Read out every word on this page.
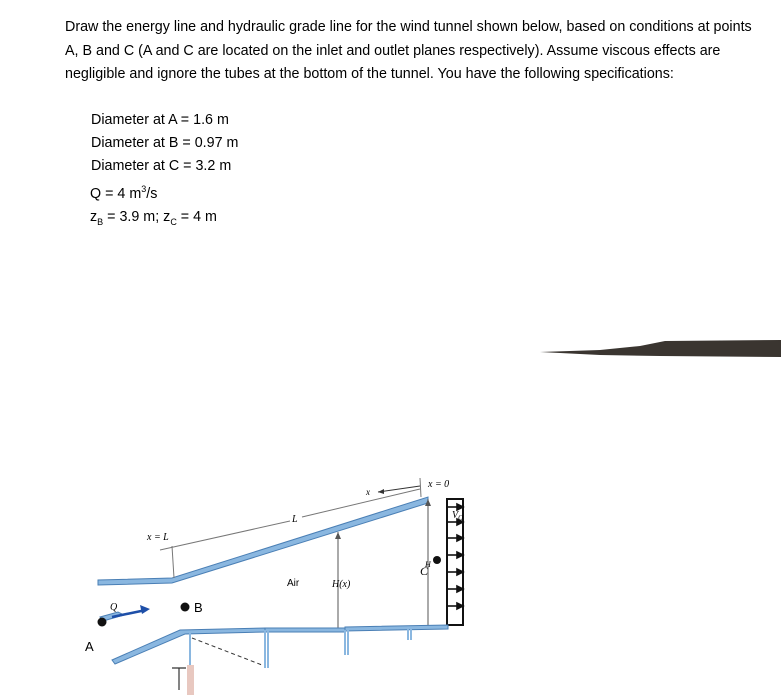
Draw the energy line and hydraulic grade line for the wind tunnel shown below, based on conditions at points A, B and C (A and C are located on the inlet and outlet planes respectively). Assume viscous effects are negligible and ignore the tubes at the bottom of the tunnel. You have the following specifications:

Diameter at A = 1.6 m
Diameter at B = 0.97 m
Diameter at C = 3.2 m
Q = 4 $m^3/s$
$z_B = 3.9$ m; $z_C = 4$ m
x = L
L
x
x = 0
H(x)
Air
$V_O$
C
H
Q
A
B
